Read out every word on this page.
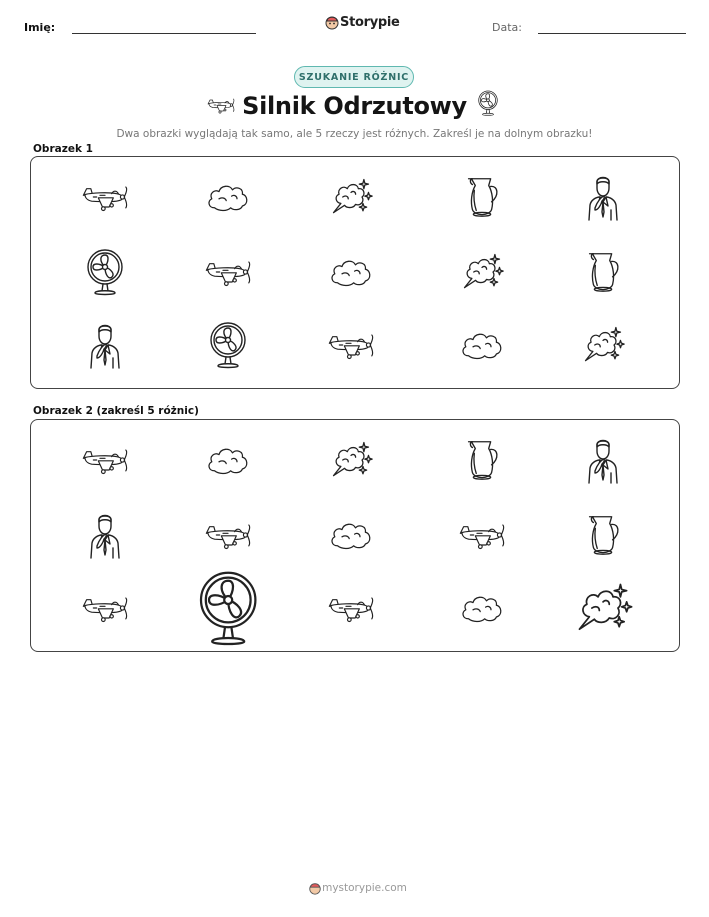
Imię:	Storypie	Data:
SZUKANIE RÓŻNIC
Silnik Odrzutowy
Dwa obrazki wyglądają tak samo, ale 5 rzeczy jest różnych. Zakreśl je na dolnym obrazku!
Obrazek 1
Obrazek 2 (zakreśl 5 różnic)
mystorypie.com
